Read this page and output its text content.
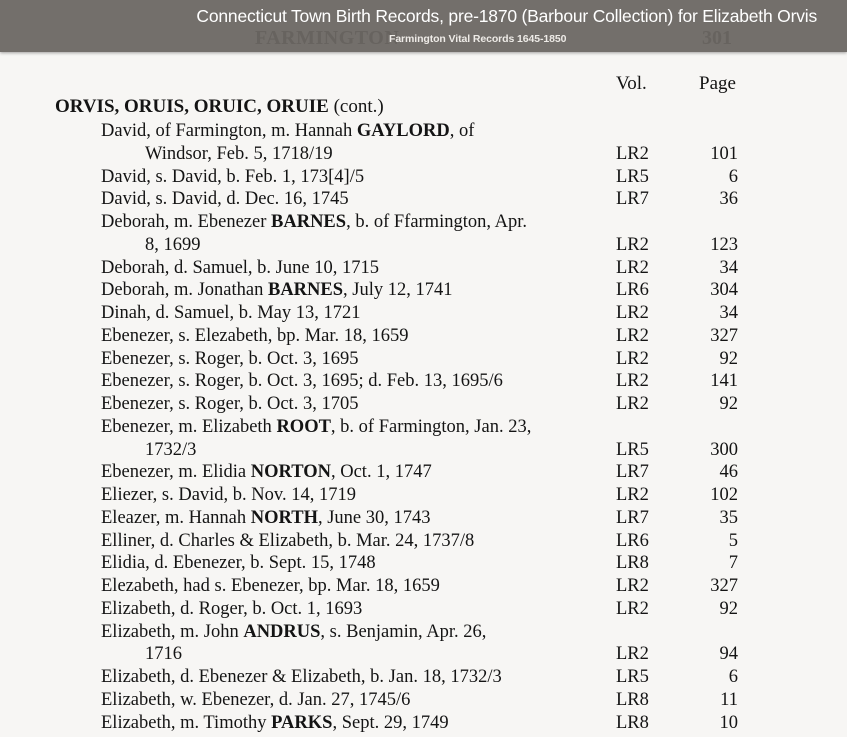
Vol.	Page
ORVIS, ORUIS, ORUIC, ORUIE (cont.)
David, of Farmington, m. Hannah GAYLORD, of
Windsor, Feb. 5, 1718/19	LR2	101
David, s. David, b. Feb. 1, 173[4]/5	LR5	6
David, s. David, d. Dec. 16, 1745	LR7	36
Deborah, m. Ebenezer BARNES, b. of Ffarmington, Apr.
8, 1699	LR2	123
Deborah, d. Samuel, b. June 10, 1715	LR2	34
Deborah, m. Jonathan BARNES, July 12, 1741	LR6	304
Dinah, d. Samuel, b. May 13, 1721	LR2	34
Ebenezer, s. Elezabeth, bp. Mar. 18, 1659	LR2	327
Ebenezer, s. Roger, b. Oct. 3, 1695	LR2	92
Ebenezer, s. Roger, b. Oct. 3, 1695; d. Feb. 13, 1695/6	LR2	141
Ebenezer, s. Roger, b. Oct. 3, 1705	LR2	92
Ebenezer, m. Elizabeth ROOT, b. of Farmington, Jan. 23,
1732/3	LR5	300
Ebenezer, m. Elidia NORTON, Oct. 1, 1747	LR7	46
Eliezer, s. David, b. Nov. 14, 1719	LR2	102
Eleazer, m. Hannah NORTH, June 30, 1743	LR7	35
Elliner, d. Charles & Elizabeth, b. Mar. 24, 1737/8	LR6	5
Elidia, d. Ebenezer, b. Sept. 15, 1748	LR8	7
Elezabeth, had s. Ebenezer, bp. Mar. 18, 1659	LR2	327
Elizabeth, d. Roger, b. Oct. 1, 1693	LR2	92
Elizabeth, m. John ANDRUS, s. Benjamin, Apr. 26,
1716	LR2	94
Elizabeth, d. Ebenezer & Elizabeth, b. Jan. 18, 1732/3	LR5	6
Elizabeth, w. Ebenezer, d. Jan. 27, 1745/6	LR8	11
Elizabeth, m. Timothy PARKS, Sept. 29, 1749	LR8	10
FARMINGTON	301
Connecticut Town Birth Records, pre-1870 (Barbour Collection) for Elizabeth Orvis
Farmington Vital Records 1645-1850
